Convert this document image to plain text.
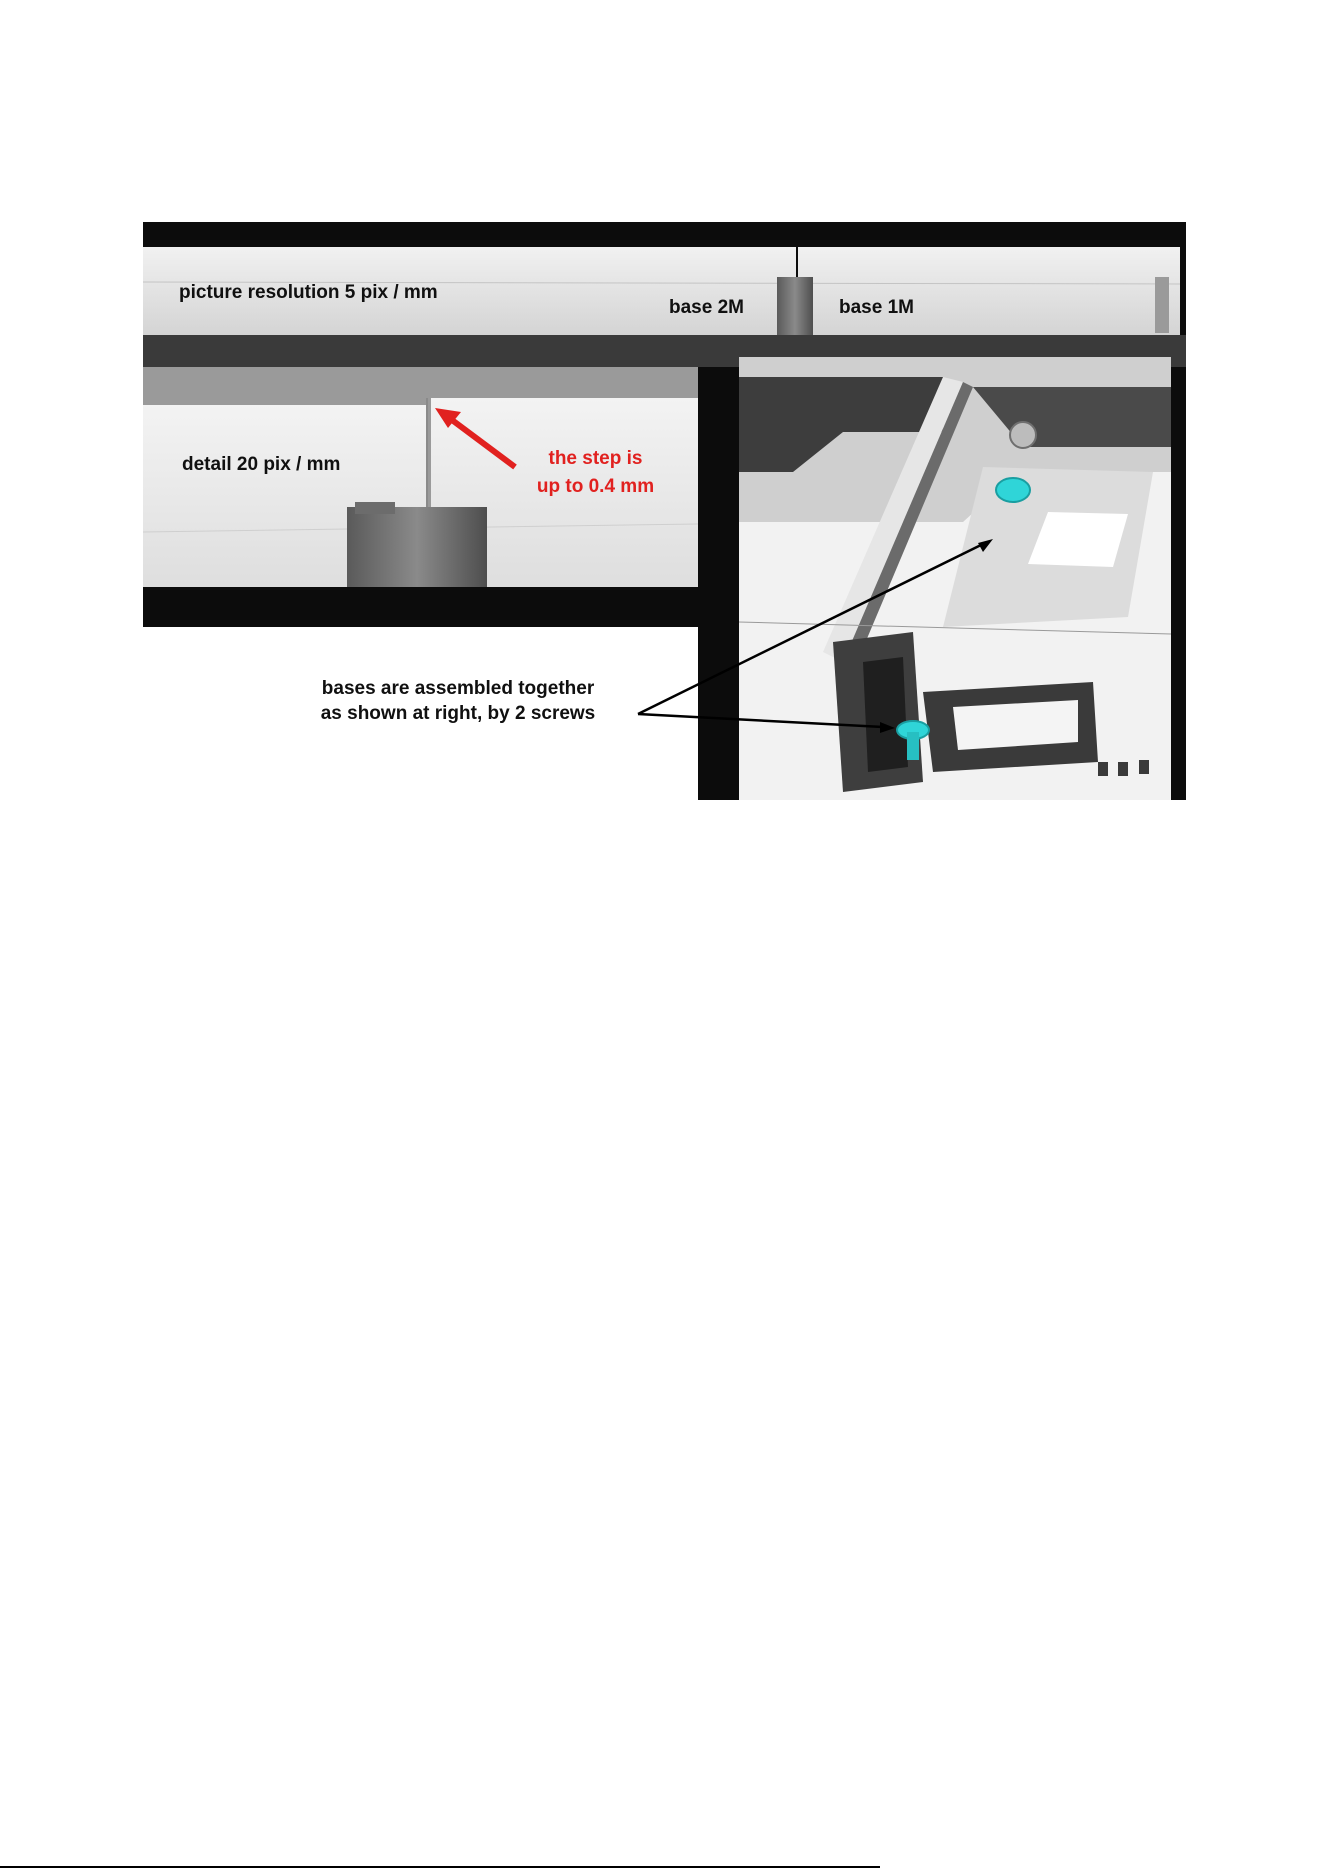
picture resolution 5 pix / mm
base 2M	base 1M
detail 20 pix / mm	the step is
up to 0.4 mm
bases are assembled together
as shown at right, by 2 screws
